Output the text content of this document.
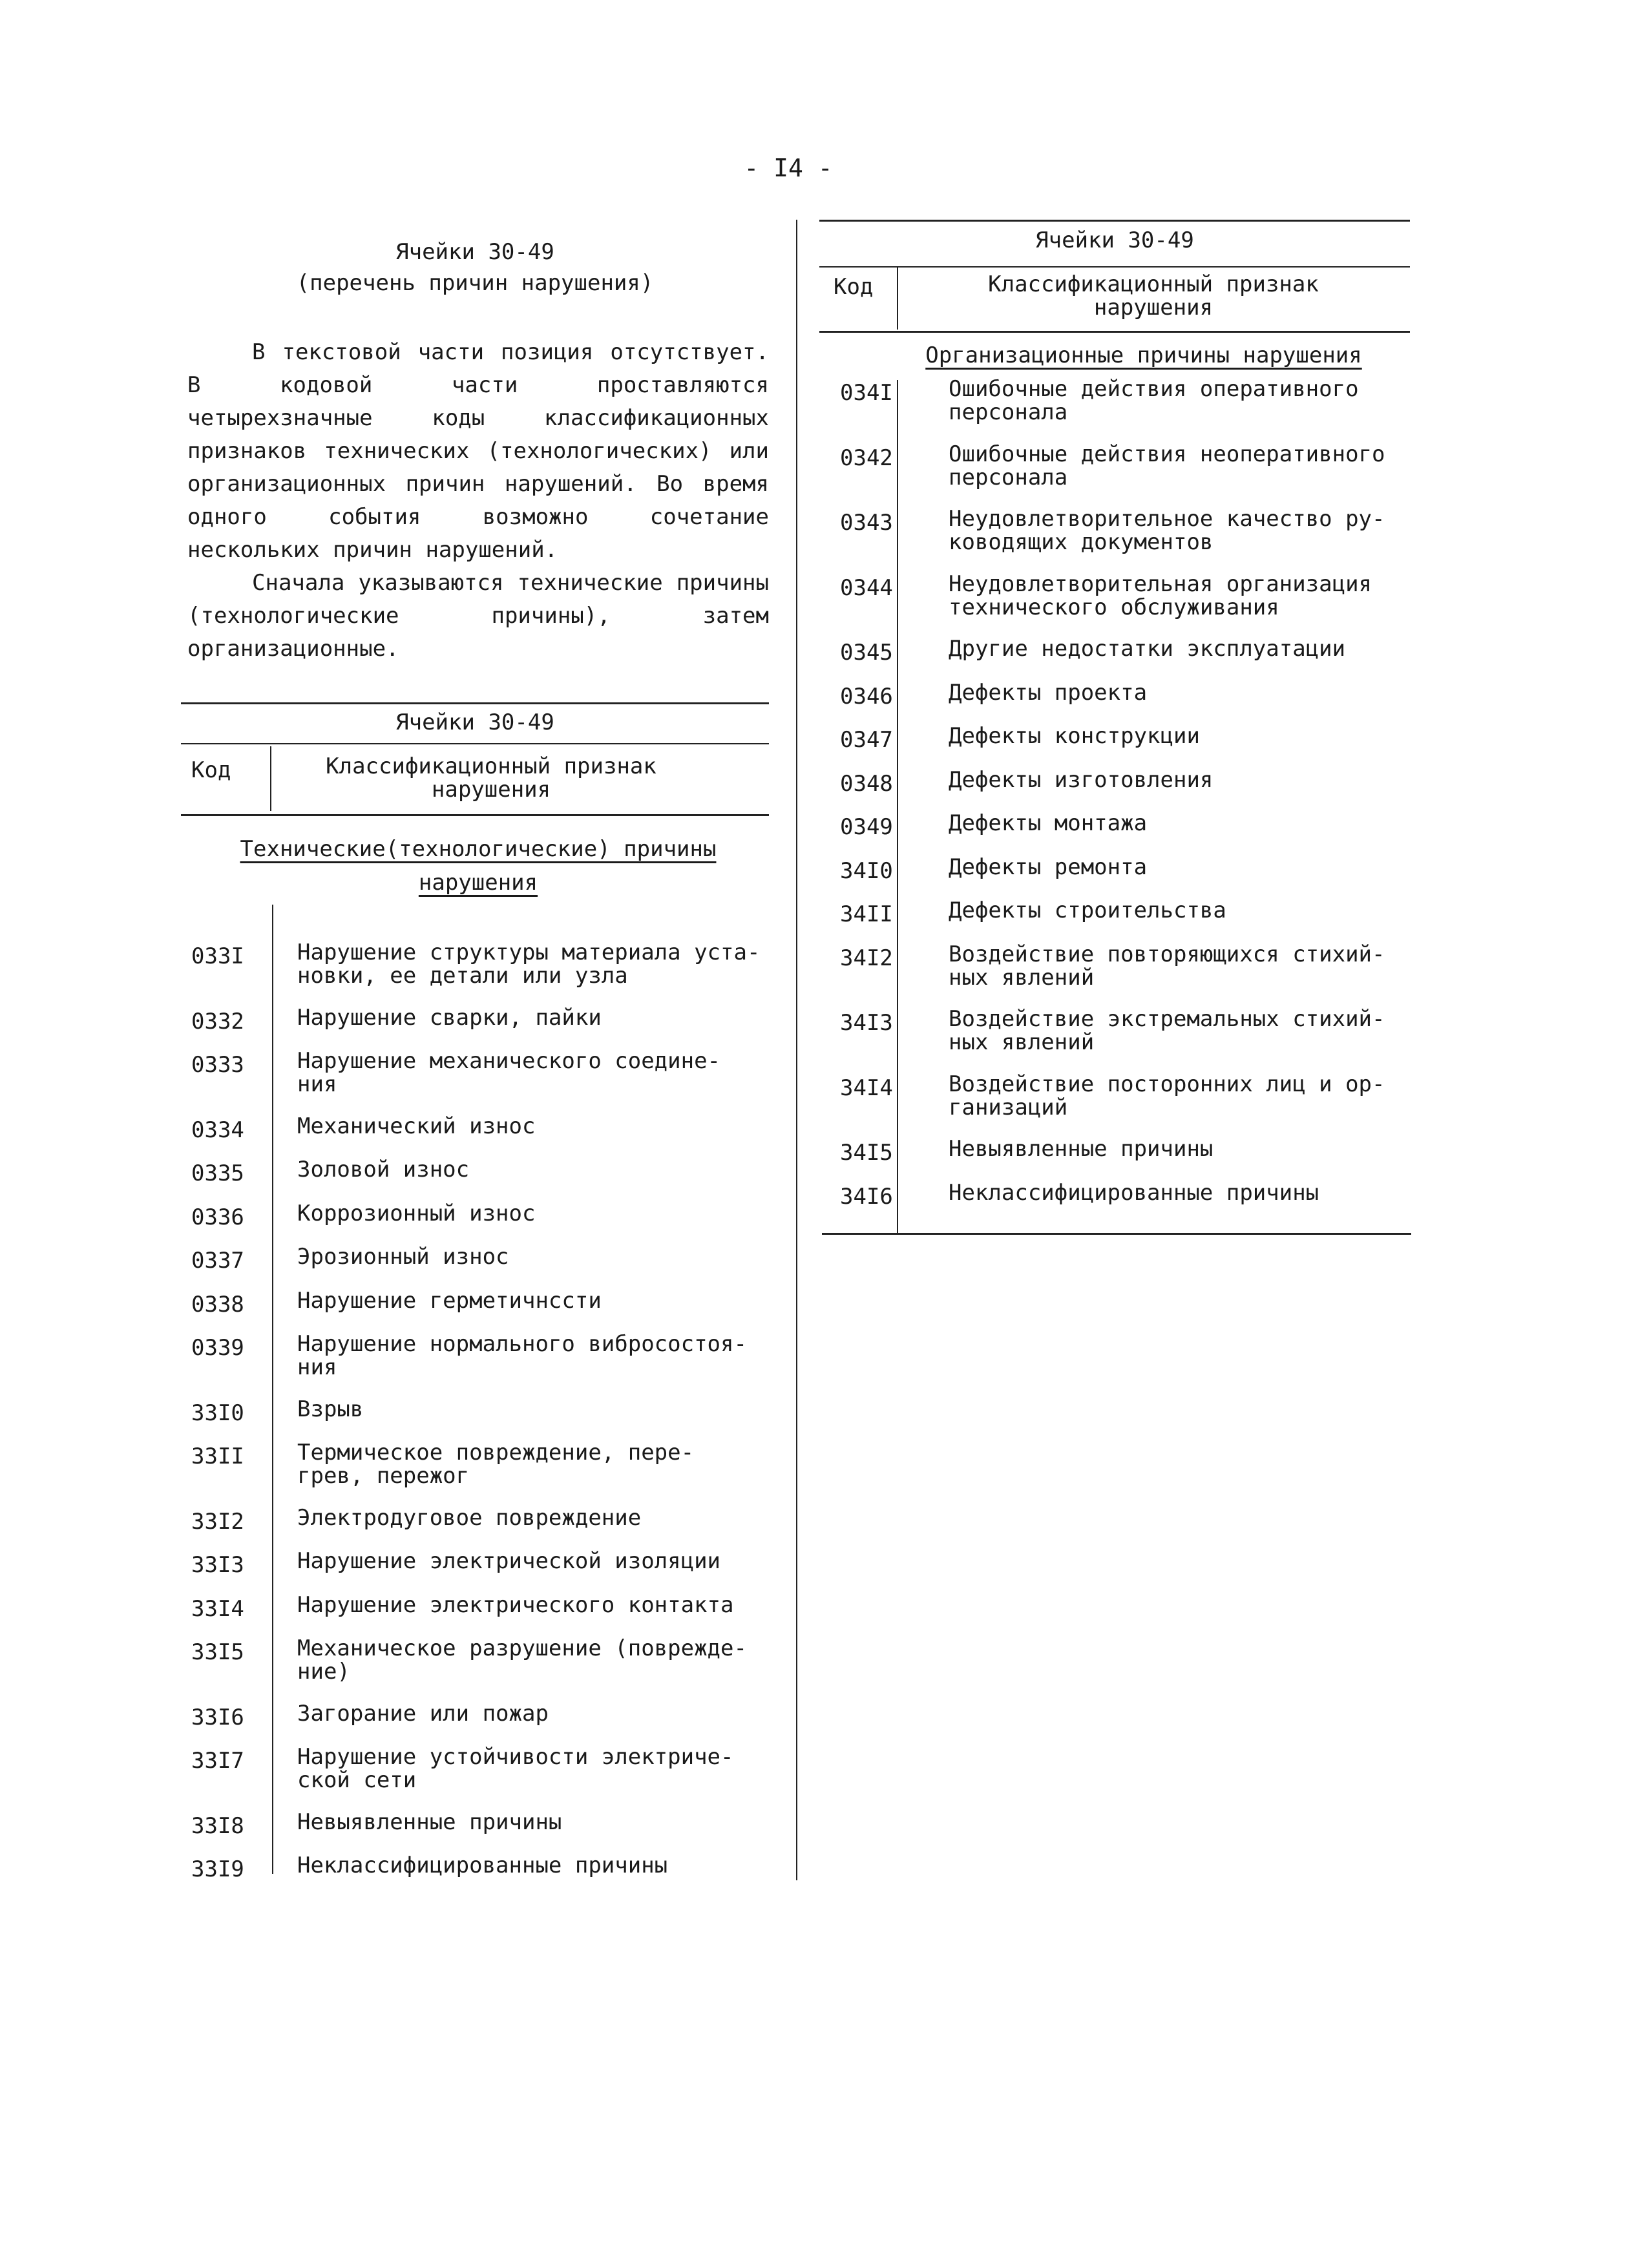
- I4 -
Ячейки 30-49
(перечень причин нарушения)

В текстовой части позиция отсутствует. В кодовой части проставляются четырехзначные коды классификационных признаков технических (технологических) или организационных причин нарушений. Во время одного события возможно сочетание нескольких причин нарушений.

Сначала указываются технические причины (технологические причины), затем организационные.

Ячейки 30-49
Код	Классификационный признак
нарушения
Технические(технологические) причины
нарушения
033I Нарушение структуры материала уста-
новки, ее детали или узла
0332 Нарушение сварки, пайки
0333 Нарушение механического соедине-
ния
0334 Механический износ
0335 Золовой износ
0336 Коррозионный износ
0337 Эрозионный износ
0338 Нарушение герметичнсcти
0339 Нарушение нормального вибросостоя-
ния
33I0 Взрыв
33II Термическое повреждение, пере-
грев, пережог
33I2 Электродуговое повреждение
33I3 Нарушение электрической изоляции
33I4 Нарушение электрического контакта
33I5 Механическое разрушение (поврежде-
ние)
33I6 Загорание или пожар
33I7 Нарушение устойчивости электриче-
ской сети
33I8 Невыявленные причины
33I9 Неклассифицированные причины
Ячейки 30-49
Код	Классификационный признак
нарушения
Организационные причины нарушения
034I	Ошибочные действия оперативного
персонала
0342	Ошибочные действия неоперативного
персонала
0343	Неудовлетворительное качество ру-
ководящих документов
0344	Неудовлетворительная организация
технического обслуживания
0345	Другие недостатки эксплуатации
0346	Дефекты проекта
0347	Дефекты конструкции
0348	Дефекты изготовления
0349	Дефекты монтажа
34I0	Дефекты ремонта
34II	Дефекты строительства
34I2	Воздействие повторяющихся стихий-
ных явлений
34I3	Воздействие экстремальных стихий-
ных явлений
34I4	Воздействие посторонних лиц и ор-
ганизаций
34I5	Невыявленные причины
34I6	Неклассифицированные причины
